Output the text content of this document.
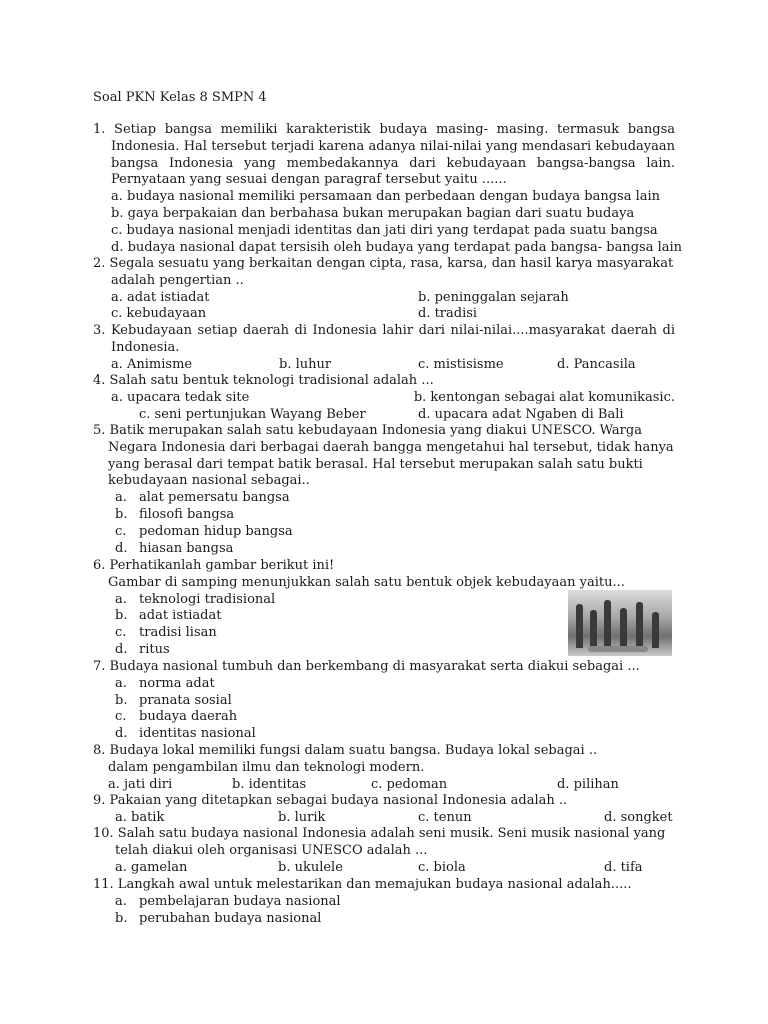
Soal PKN Kelas 8 SMPN 4

1. Setiap bangsa memiliki karakteristik budaya masing- masing. termasuk bangsa Indonesia. Hal tersebut terjadi karena adanya nilai-nilai yang mendasari kebudayaan bangsa Indonesia yang membedakannya dari kebudayaan bangsa-bangsa lain. Pernyataan yang sesuai dengan paragraf tersebut yaitu ......

a. budaya nasional memiliki persamaan dan perbedaan dengan budaya bangsa lain
b. gaya berpakaian dan berbahasa bukan merupakan bagian dari suatu budaya
c. budaya nasional menjadi identitas dan jati diri yang terdapat pada suatu bangsa
d. budaya nasional dapat tersisih oleh budaya yang terdapat pada bangsa- bangsa lain

2. Segala sesuatu yang berkaitan dengan cipta, rasa, karsa, dan hasil karya masyarakat adalah pengertian ..

a. adat istiadat	b. peninggalan sejarah
c. kebudayaan	d. tradisi

3. Kebudayaan setiap daerah di Indonesia lahir dari nilai-nilai....masyarakat daerah di Indonesia.

a. Animisme	b. luhur	c. mistisisme	d. Pancasila

4. Salah satu bentuk teknologi tradisional adalah ...

a. upacara tedak site	b. kentongan sebagai alat komunikasic.
c. seni pertunjukan Wayang Beber	d. upacara adat Ngaben di Bali

5. Batik merupakan salah satu kebudayaan Indonesia yang diakui UNESCO. Warga Negara Indonesia dari berbagai daerah bangga mengetahui hal tersebut, tidak hanya yang berasal dari tempat batik berasal. Hal tersebut merupakan salah satu bukti kebudayaan nasional sebagai..

a. alat pemersatu bangsa
b. filosofi bangsa
c. pedoman hidup bangsa
d. hiasan bangsa

6. Perhatikanlah gambar berikut ini!

Gambar di samping menunjukkan salah satu bentuk objek kebudayaan yaitu...
a. teknologi tradisional
b. adat istiadat
c. tradisi lisan
d. ritus

7. Budaya nasional tumbuh dan berkembang di masyarakat serta diakui sebagai ...

a. norma adat
b. pranata sosial
c. budaya daerah
d. identitas nasional

8. Budaya lokal memiliki fungsi dalam suatu bangsa. Budaya lokal sebagai .. dalam pengambilan ilmu dan teknologi modern.

a. jati diri	b. identitas	c. pedoman	d. pilihan

9. Pakaian yang ditetapkan sebagai budaya nasional Indonesia adalah ..

a. batik	b. lurik	c. tenun	d. songket

10. Salah satu budaya nasional Indonesia adalah seni musik. Seni musik nasional yang telah diakui oleh organisasi UNESCO adalah ...

a. gamelan	b. ukulele	c. biola	d. tifa

11. Langkah awal untuk melestarikan dan memajukan budaya nasional adalah.....

a. pembelajaran budaya nasional
b. perubahan budaya nasional
